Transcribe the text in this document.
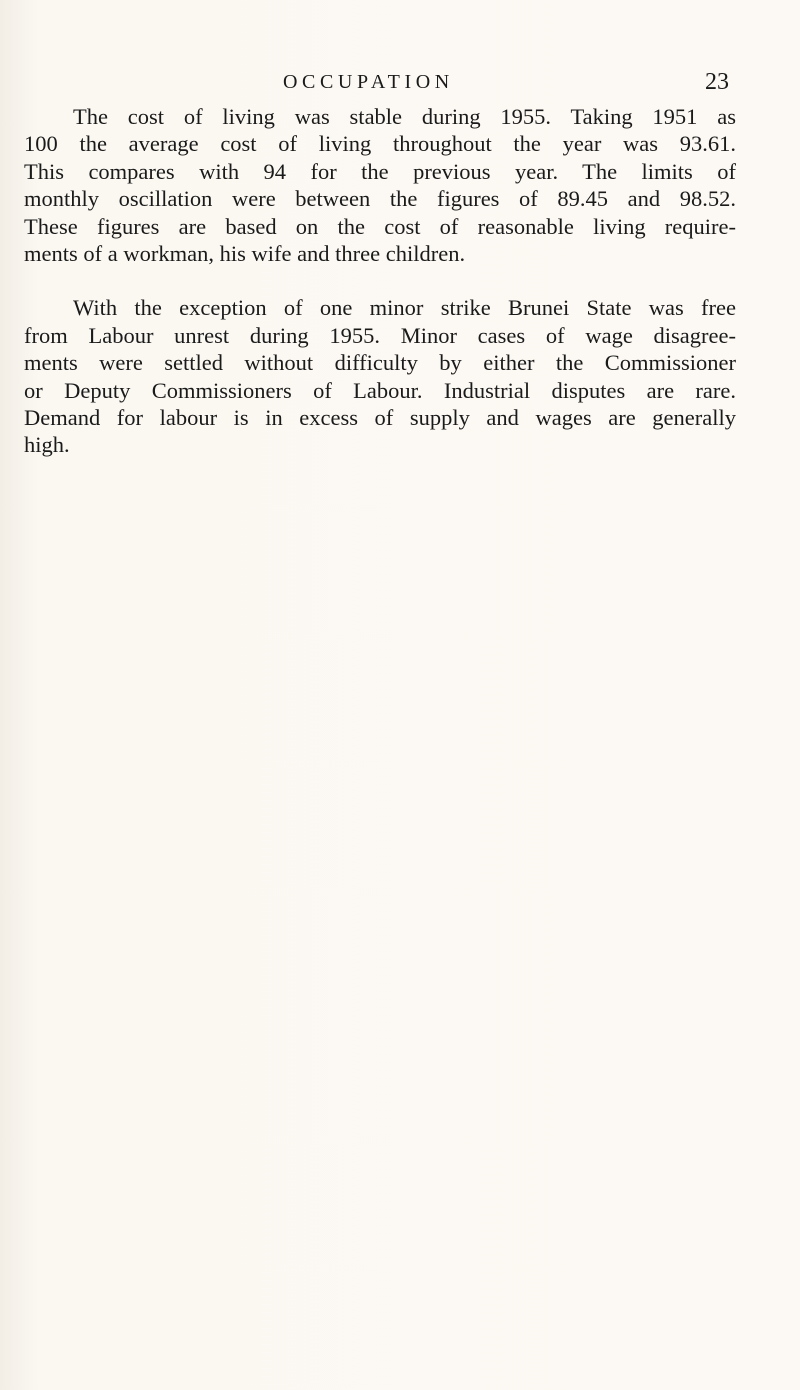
OCCUPATION	23
The cost of living was stable during 1955. Taking 1951 as
100 the average cost of living throughout the year was 93.61.
This compares with 94 for the previous year. The limits of
monthly oscillation were between the figures of 89.45 and 98.52.
These figures are based on the cost of reasonable living require-
ments of a workman, his wife and three children.
With the exception of one minor strike Brunei State was free
from Labour unrest during 1955. Minor cases of wage disagree-
ments were settled without difficulty by either the Commissioner
or Deputy Commissioners of Labour. Industrial disputes are rare.
Demand for labour is in excess of supply and wages are generally
high.
